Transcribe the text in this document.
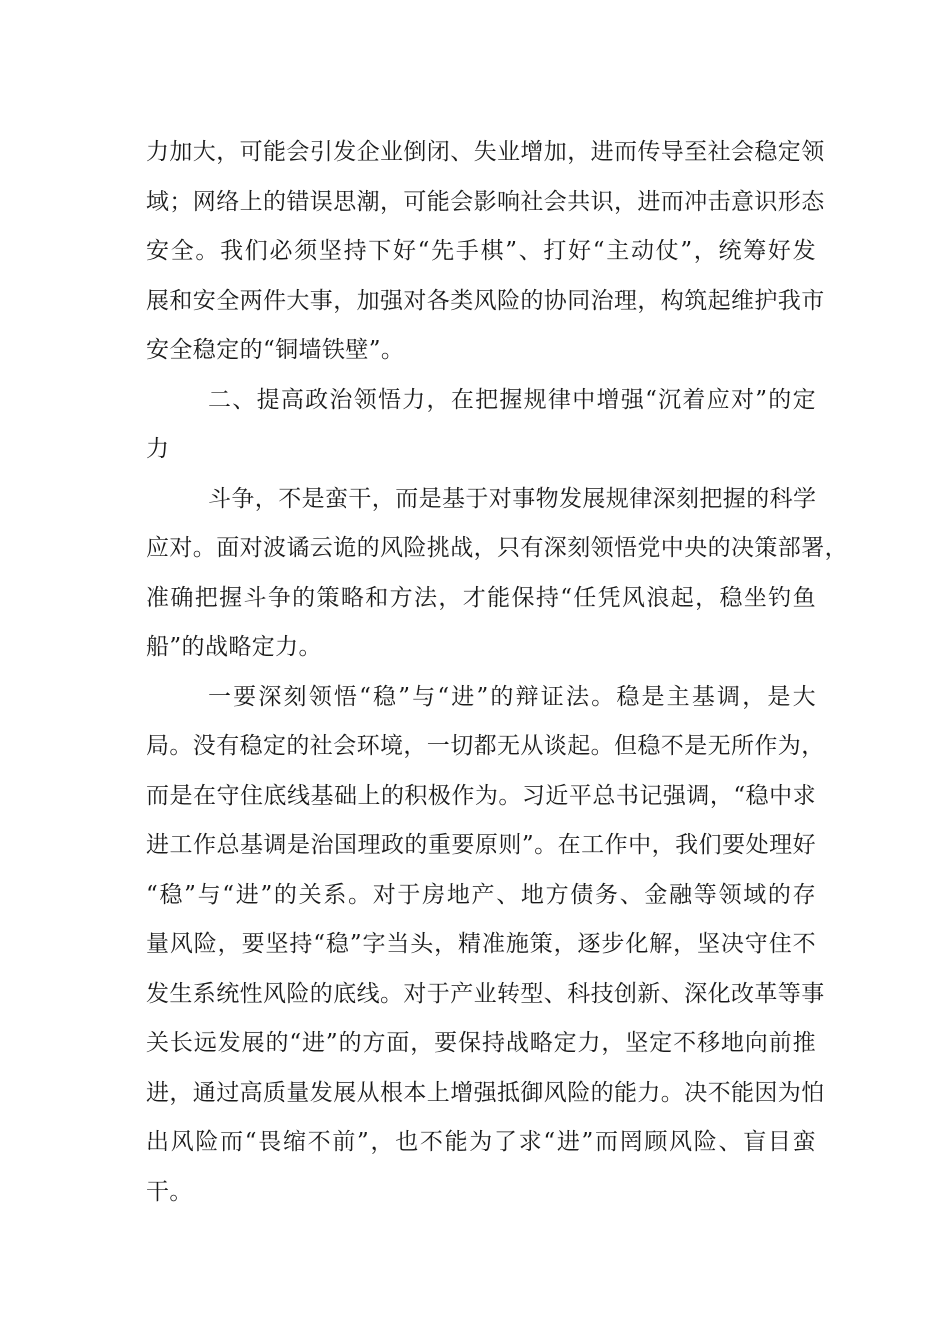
力加大，可能会引发企业倒闭、失业增加，进而传导至社会稳定领
域；网络上的错误思潮，可能会影响社会共识，进而冲击意识形态
安全。我们必须坚持下好“先手棋”、打好“主动仗”，统筹好发
展和安全两件大事，加强对各类风险的协同治理，构筑起维护我市
安全稳定的“铜墙铁壁”。
二、提高政治领悟力，在把握规律中增强“沉着应对”的定
力
斗争，不是蛮干，而是基于对事物发展规律深刻把握的科学
应对。面对波谲云诡的风险挑战，只有深刻领悟党中央的决策部署，
准确把握斗争的策略和方法，才能保持“任凭风浪起，稳坐钓鱼
船”的战略定力。
一要深刻领悟“稳”与“进”的辩证法。稳是主基调，是大
局。没有稳定的社会环境，一切都无从谈起。但稳不是无所作为，
而是在守住底线基础上的积极作为。习近平总书记强调，“稳中求
进工作总基调是治国理政的重要原则”。在工作中，我们要处理好
“稳”与“进”的关系。对于房地产、地方债务、金融等领域的存
量风险，要坚持“稳”字当头，精准施策，逐步化解，坚决守住不
发生系统性风险的底线。对于产业转型、科技创新、深化改革等事
关长远发展的“进”的方面，要保持战略定力，坚定不移地向前推
进，通过高质量发展从根本上增强抵御风险的能力。决不能因为怕
出风险而“畏缩不前”，也不能为了求“进”而罔顾风险、盲目蛮
干。
